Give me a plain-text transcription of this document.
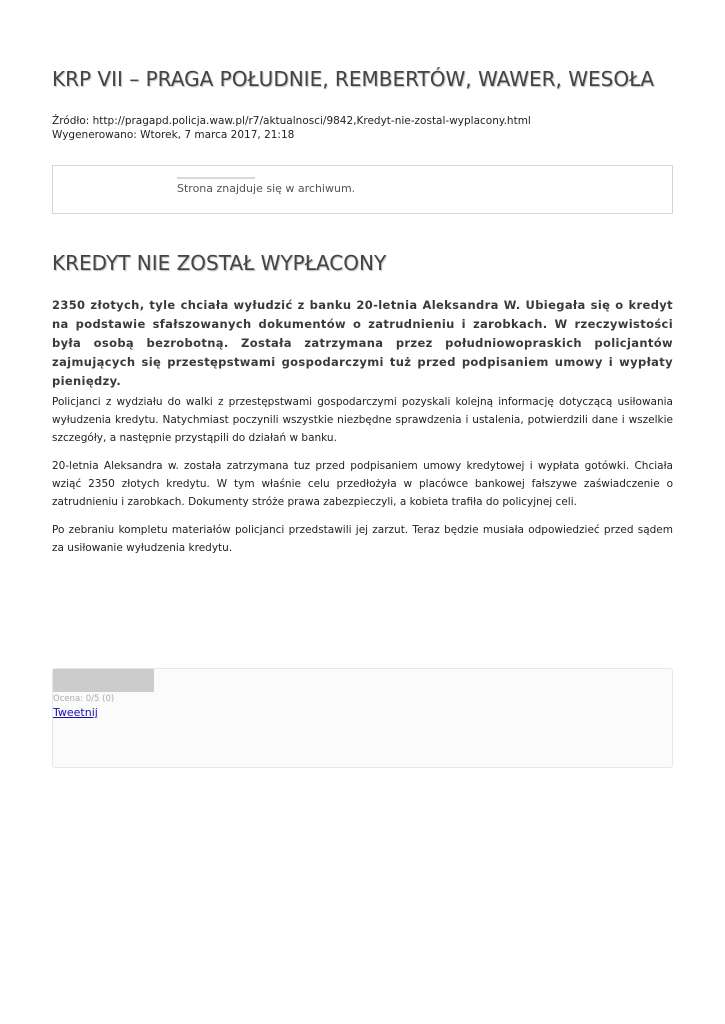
KRP VII – PRAGA POŁUDNIE, REMBERTÓW, WAWER, WESOŁA
Źródło: http://pragapd.policja.waw.pl/r7/aktualnosci/9842,Kredyt-nie-zostal-wyplacony.html
Wygenerowano: Wtorek, 7 marca 2017, 21:18
Strona znajduje się w archiwum.
KREDYT NIE ZOSTAŁ WYPŁACONY

2350 złotych, tyle chciała wyłudzić z banku 20-letnia Aleksandra W. Ubiegała się o kredyt na podstawie sfałszowanych dokumentów o zatrudnieniu i zarobkach. W rzeczywistości była osobą bezrobotną. Została zatrzymana przez południowopraskich policjantów zajmujących się przestępstwami gospodarczymi tuż przed podpisaniem umowy i wypłaty pieniędzy.

Policjanci z wydziału do walki z przestępstwami gospodarczymi pozyskali kolejną informację dotyczącą usiłowania wyłudzenia kredytu. Natychmiast poczynili wszystkie niezbędne sprawdzenia i ustalenia, potwierdzili dane i wszelkie szczegóły, a następnie przystąpili do działań w banku.

20-letnia Aleksandra w. została zatrzymana tuz przed podpisaniem umowy kredytowej i wypłata gotówki. Chciała wziąć 2350 złotych kredytu. W tym właśnie celu przedłożyła w placówce bankowej fałszywe zaświadczenie o zatrudnieniu i zarobkach. Dokumenty stróże prawa zabezpieczyli, a kobieta trafiła do policyjnej celi.

Po zebraniu kompletu materiałów policjanci przedstawili jej zarzut. Teraz będzie musiała odpowiedzieć przed sądem za usiłowanie wyłudzenia kredytu.

Ocena: 0/5 (0)
Tweetnij
